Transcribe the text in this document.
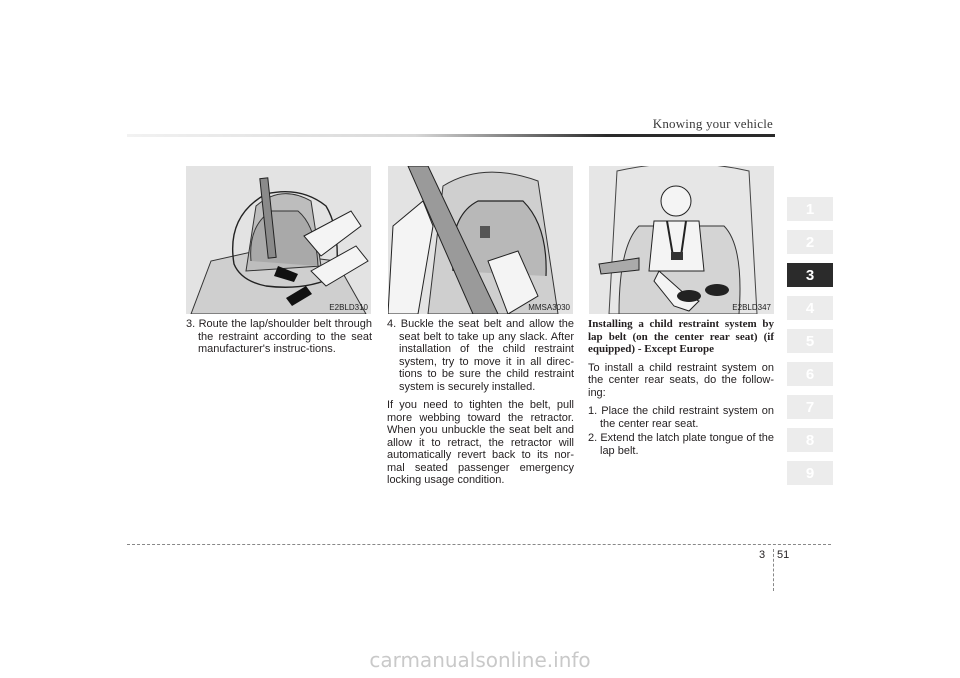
Knowing your vehicle
E2BLD310	MMSA3030	E2BLD347

3. Route the lap/shoulder belt through the restraint according to the seat manufacturer's instruc-tions.

4. Buckle the seat belt and allow the seat belt to take up any slack. After installation of the child restraint system, try to move it in all direc-tions to be sure the child restraint system is securely installed.

If you need to tighten the belt, pull more webbing toward the retractor. When you unbuckle the seat belt and allow it to retract, the retractor will automatically revert back to its nor-mal seated passenger emergency locking usage condition.

Installing a child restraint system by lap belt (on the center rear seat) (if equipped) - Except Europe

To install a child restraint system on the center rear seats, do the follow-ing:

1. Place the child restraint system on the center rear seat.

2. Extend the latch plate tongue of the lap belt.

1
2
3
4
5
6
7
8
9
3 51
carmanualsonline.info
